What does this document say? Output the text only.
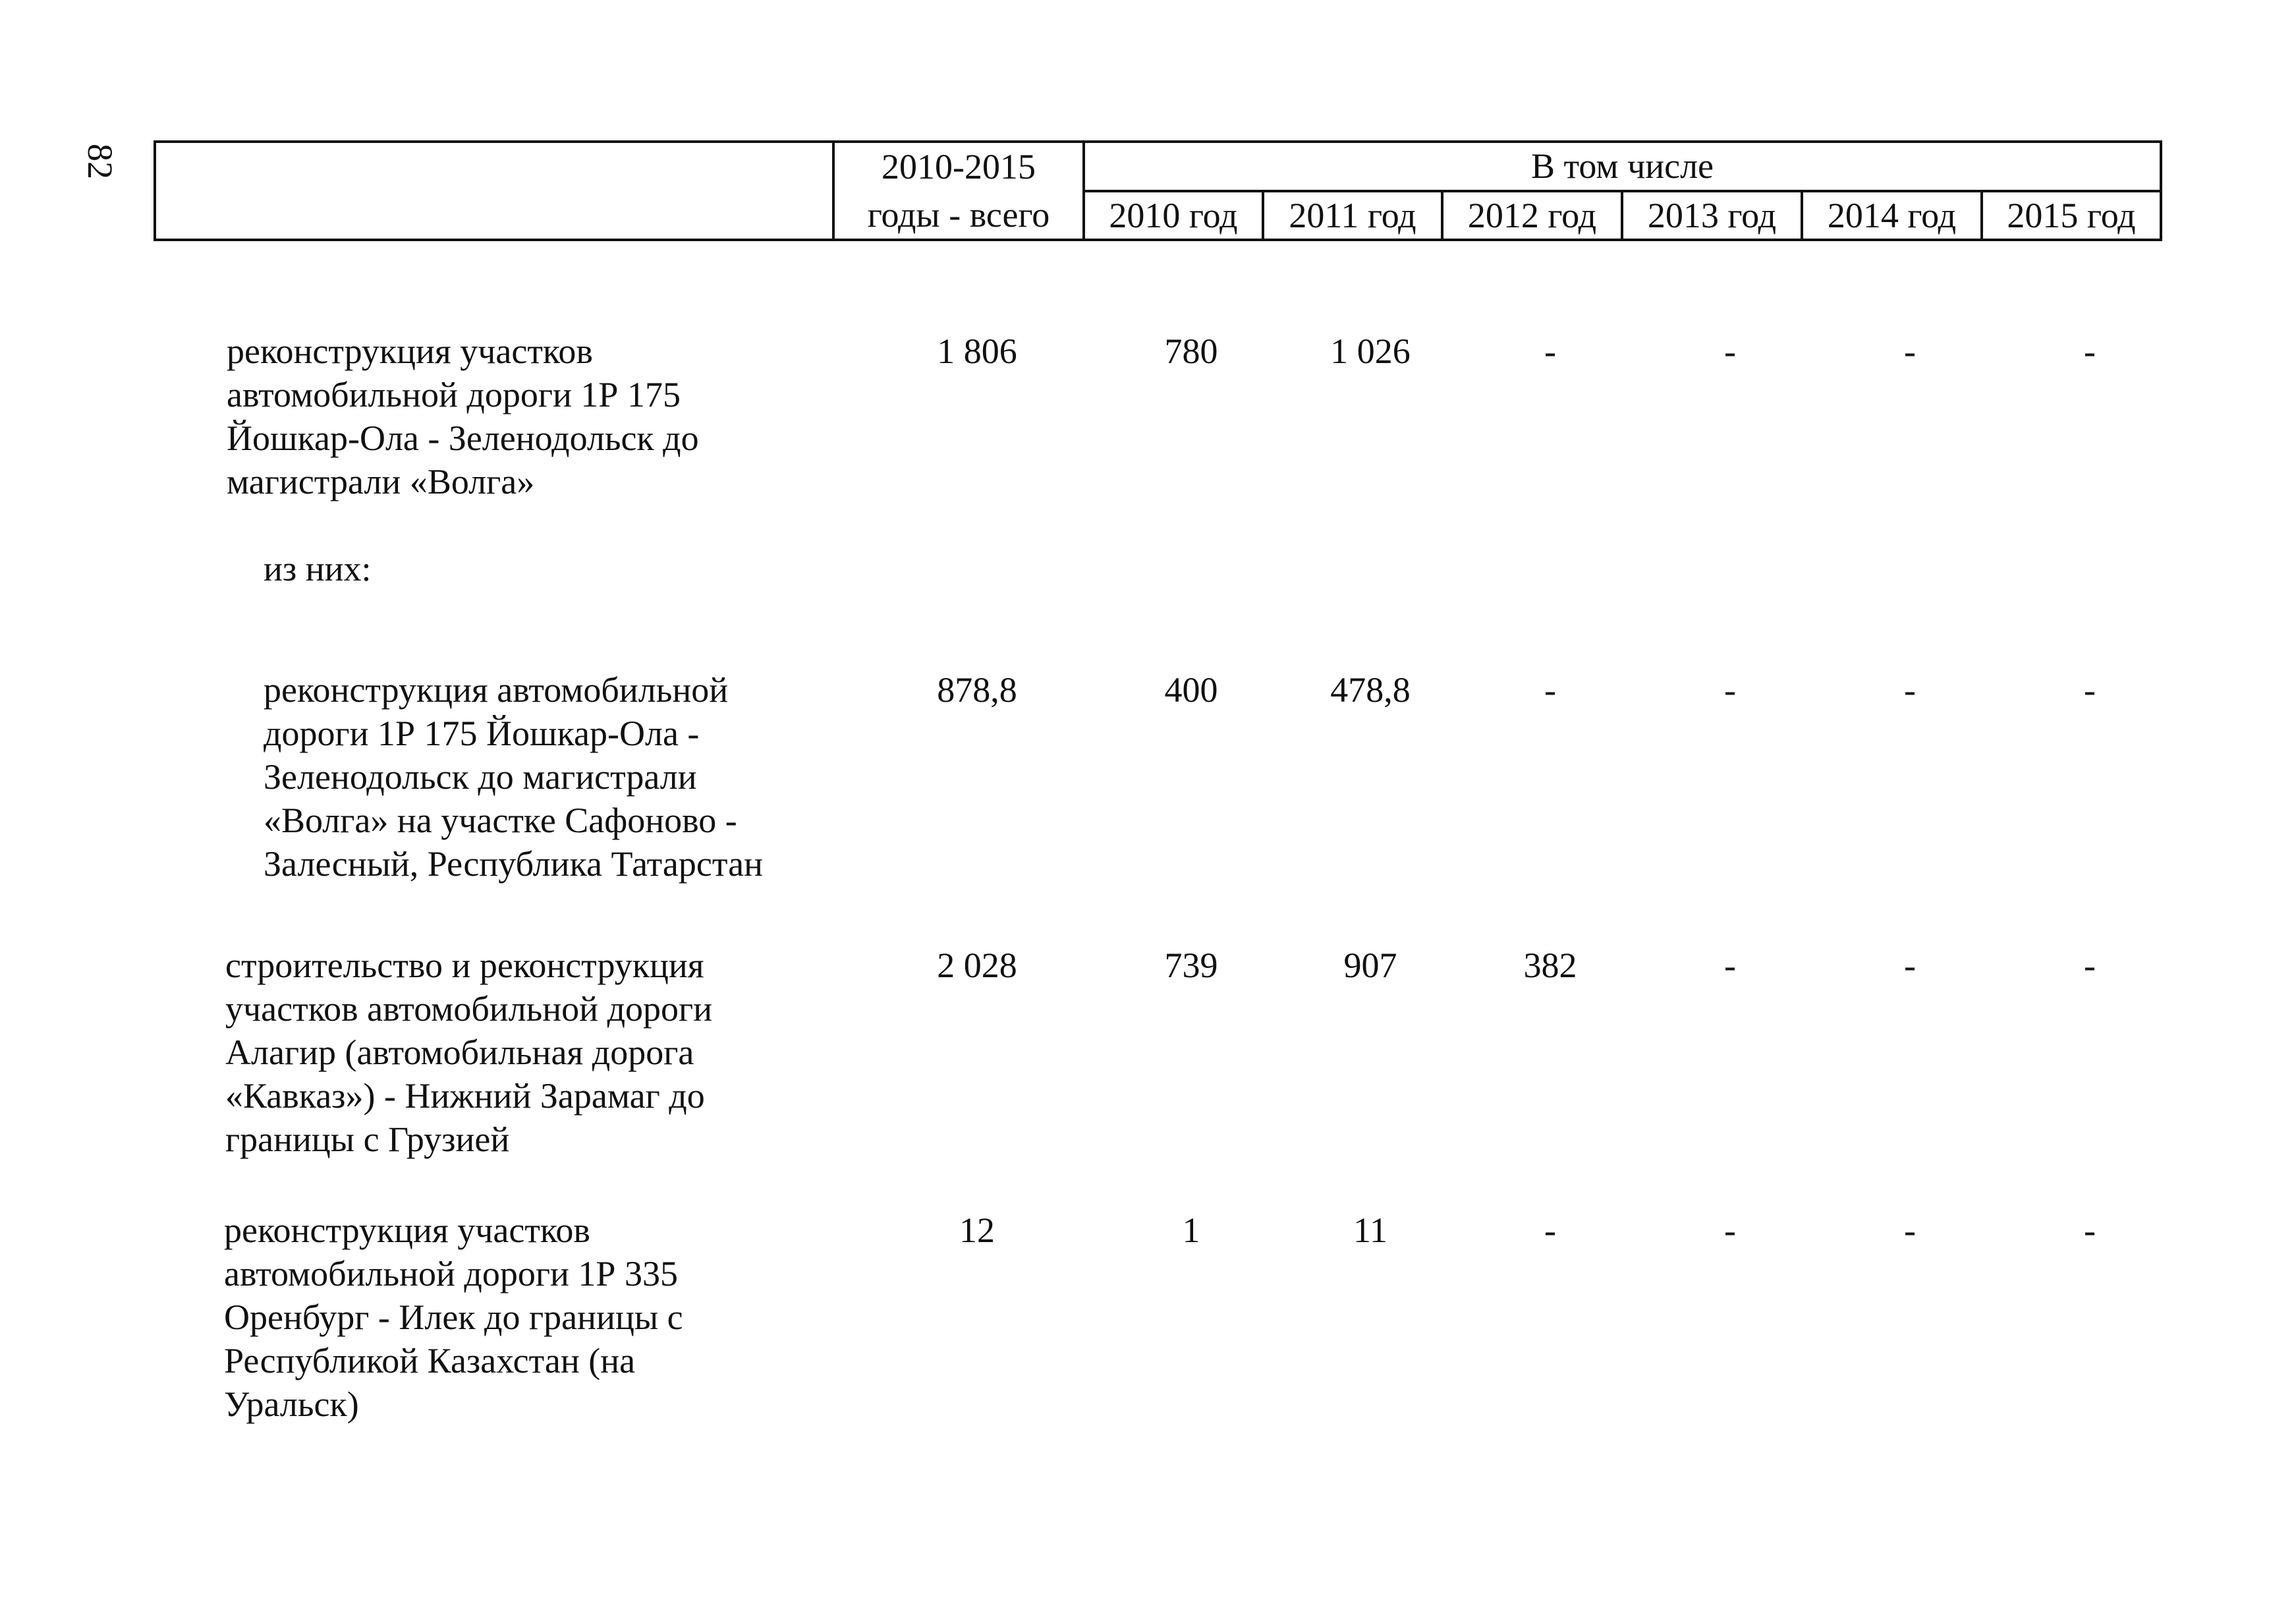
82
		2010-2015	В том числе					
	годы - всего	2010 год	2011 год	2012 год	2013 год	2014 год	2015 год
реконструкция участков
автомобильной дороги 1Р 175
Йошкар-Ола - Зеленодольск до
магистрали «Волга»
1 806	780	1 026	-	-	-	-
из них:
реконструкция автомобильной
дороги 1Р 175 Йошкар-Ола -
Зеленодольск до магистрали
«Волга» на участке Сафоново -
Залесный, Республика Татарстан
878,8	400	478,8	-	-	-	-
строительство и реконструкция
участков автомобильной дороги
Алагир (автомобильная дорога
«Кавказ») - Нижний Зарамаг до
границы с Грузией
2 028	739	907	382	-	-	-
реконструкция участков
автомобильной дороги 1Р 335
Оренбург - Илек до границы с
Республикой Казахстан (на
Уральск)
12	1	11	-	-	-	-
